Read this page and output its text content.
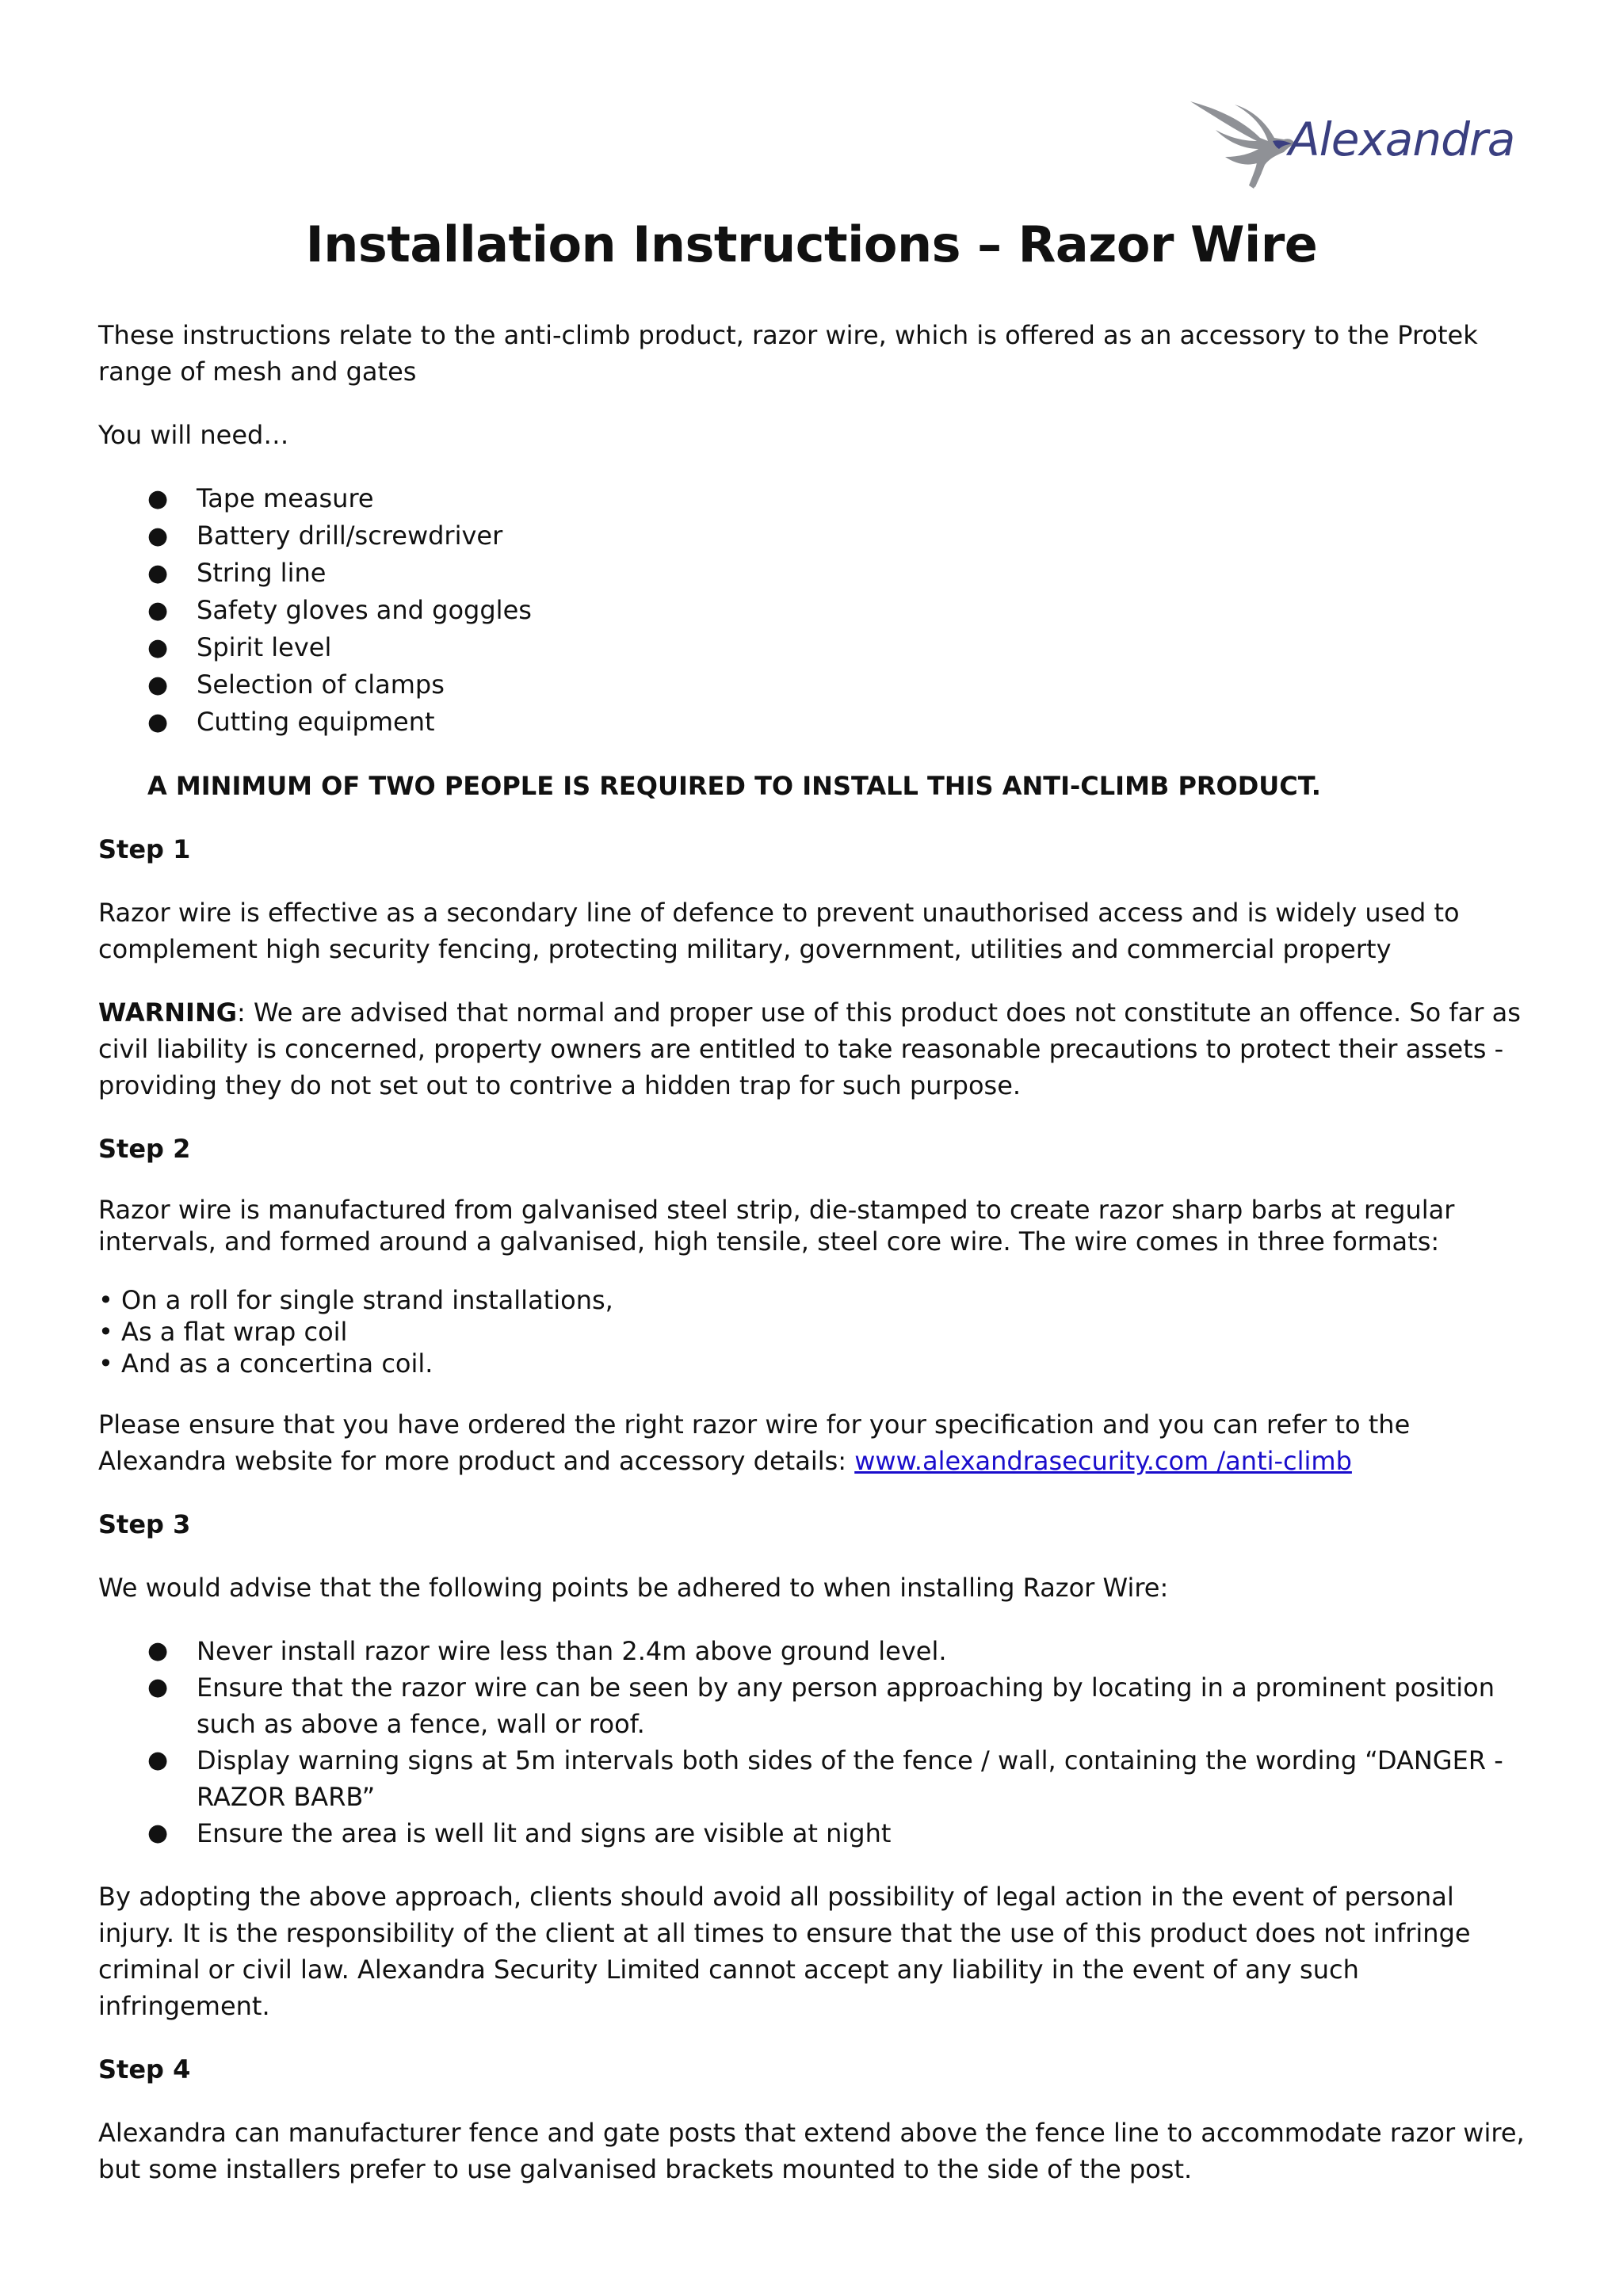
Alexandra
Installation Instructions – Razor Wire

These instructions relate to the anti-climb product, razor wire, which is offered as an accessory to the Protek range of mesh and gates

You will need…

● Tape measure
● Battery drill/screwdriver
● String line
● Safety gloves and goggles
● Spirit level
● Selection of clamps
● Cutting equipment

A MINIMUM OF TWO PEOPLE IS REQUIRED TO INSTALL THIS ANTI-CLIMB PRODUCT.

Step 1

Razor wire is effective as a secondary line of defence to prevent unauthorised access and is widely used to complement high security fencing, protecting military, government, utilities and commercial property

WARNING: We are advised that normal and proper use of this product does not constitute an offence. So far as civil liability is concerned, property owners are entitled to take reasonable precautions to protect their assets - providing they do not set out to contrive a hidden trap for such purpose.

Step 2

Razor wire is manufactured from galvanised steel strip, die-stamped to create razor sharp barbs at regular intervals, and formed around a galvanised, high tensile, steel core wire. The wire comes in three formats:

• On a roll for single strand installations,
• As a flat wrap coil
• And as a concertina coil.

Please ensure that you have ordered the right razor wire for your specification and you can refer to the Alexandra website for more product and accessory details: www.alexandrasecurity.com /anti-climb

Step 3

We would advise that the following points be adhered to when installing Razor Wire:

● Never install razor wire less than 2.4m above ground level.
● Ensure that the razor wire can be seen by any person approaching by locating in a prominent position such as above a fence, wall or roof.
● Display warning signs at 5m intervals both sides of the fence / wall, containing the wording “DANGER - RAZOR BARB”
● Ensure the area is well lit and signs are visible at night

By adopting the above approach, clients should avoid all possibility of legal action in the event of personal injury. It is the responsibility of the client at all times to ensure that the use of this product does not infringe criminal or civil law. Alexandra Security Limited cannot accept any liability in the event of any such infringement.

Step 4

Alexandra can manufacturer fence and gate posts that extend above the fence line to accommodate razor wire, but some installers prefer to use galvanised brackets mounted to the side of the post.
